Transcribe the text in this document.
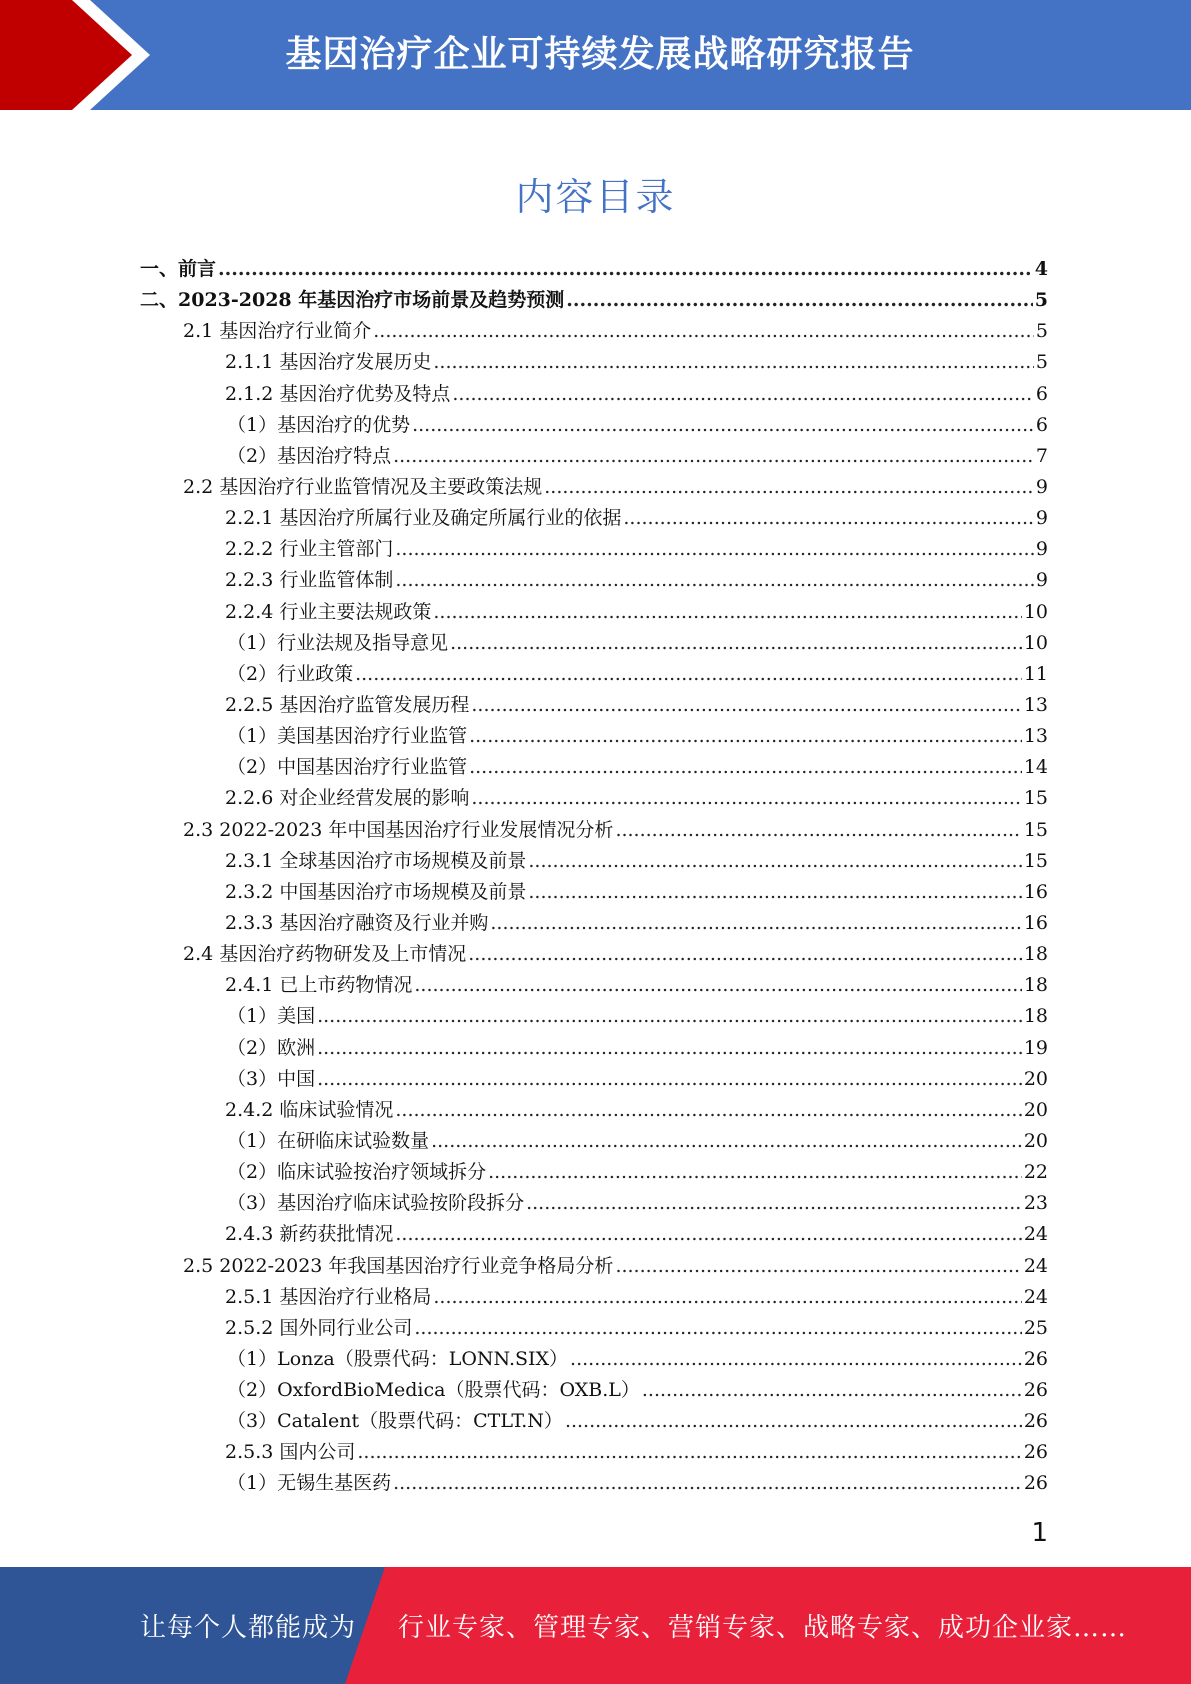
基因治疗企业可持续发展战略研究报告
内容目录
一、前言 .....	4
二、2023-2028 年基因治疗市场前景及趋势预测 .....	5
2.1 基因治疗行业简介 .....	5
2.1.1 基因治疗发展历史 .....	5
2.1.2 基因治疗优势及特点 .....	6
（1）基因治疗的优势 .....	6
（2）基因治疗特点 .....	7
2.2 基因治疗行业监管情况及主要政策法规 .....	9
2.2.1 基因治疗所属行业及确定所属行业的依据 .....	9
2.2.2 行业主管部门 .....	9
2.2.3 行业监管体制 .....	9
2.2.4 行业主要法规政策 .....	10
（1）行业法规及指导意见 .....	10
（2）行业政策 .....	11
2.2.5 基因治疗监管发展历程 .....	13
（1）美国基因治疗行业监管 .....	13
（2）中国基因治疗行业监管 .....	14
2.2.6 对企业经营发展的影响 .....	15
2.3 2022-2023 年中国基因治疗行业发展情况分析 .....	15
2.3.1 全球基因治疗市场规模及前景 .....	15
2.3.2 中国基因治疗市场规模及前景 .....	16
2.3.3 基因治疗融资及行业并购 .....	16
2.4 基因治疗药物研发及上市情况 .....	18
2.4.1 已上市药物情况 .....	18
（1）美国 .....	18
（2）欧洲 .....	19
（3）中国 .....	20
2.4.2 临床试验情况 .....	20
（1）在研临床试验数量 .....	20
（2）临床试验按治疗领域拆分 .....	22
（3）基因治疗临床试验按阶段拆分 .....	23
2.4.3 新药获批情况 .....	24
2.5 2022-2023 年我国基因治疗行业竞争格局分析 .....	24
2.5.1 基因治疗行业格局 .....	24
2.5.2 国外同行业公司 .....	25
（1）Lonza（股票代码：LONN.SIX） .....	26
（2）OxfordBioMedica（股票代码：OXB.L） .....	26
（3）Catalent（股票代码：CTLT.N） .....	26
2.5.3 国内公司 .....	26
（1）无锡生基医药 .....	26
1
让每个人都能成为 行业专家、管理专家、营销专家、战略专家、成功企业家……
